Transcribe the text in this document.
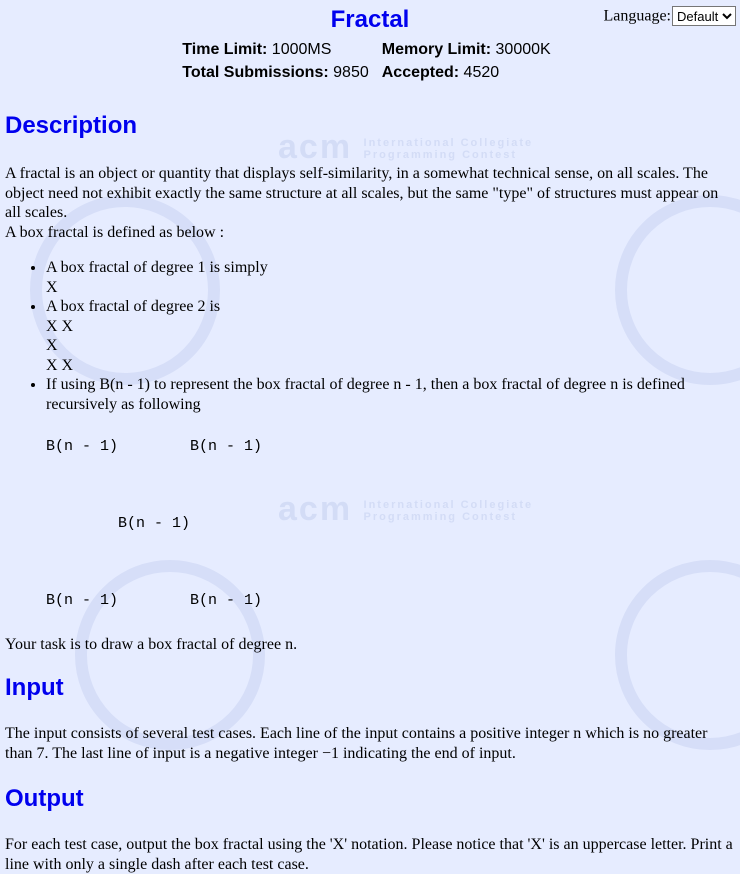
acm International Collegiate
Programming Contest
acm International Collegiate
Programming Contest
Language:
Default
Fractal
Time Limit: 1000MS	Memory Limit: 30000K
Total Submissions: 9850	Accepted: 4520
Description

A fractal is an object or quantity that displays self-similarity, in a somewhat technical sense, on all scales. The object need not exhibit exactly the same structure at all scales, but the same "type" of structures must appear on all scales.

A box fractal is defined as below :

• A box fractal of degree 1 is simply
X
• A box fractal of degree 2 is
X X
X
X X
• If using B(n - 1) to represent the box fractal of degree n - 1, then a box fractal of degree n is defined recursively as following
B(n - 1)        B(n - 1)

B(n - 1)

B(n - 1)        B(n - 1)

Your task is to draw a box fractal of degree n.

Input

The input consists of several test cases. Each line of the input contains a positive integer n which is no greater than 7. The last line of input is a negative integer −1 indicating the end of input.

Output

For each test case, output the box fractal using the 'X' notation. Please notice that 'X' is an uppercase letter. Print a line with only a single dash after each test case.
